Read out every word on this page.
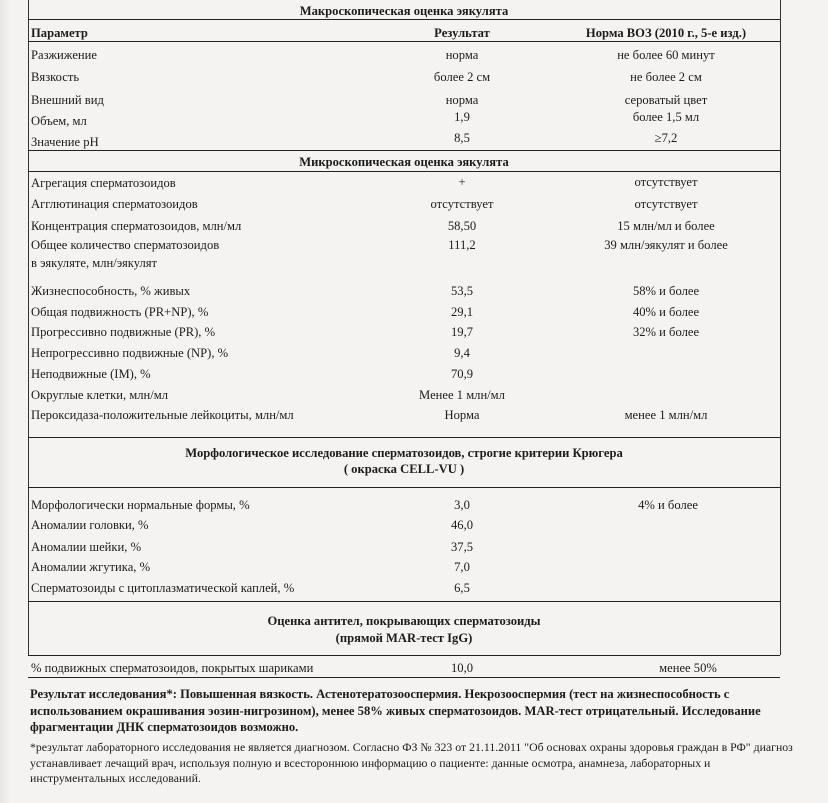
Макроскопическая оценка эякулята
Параметр	Результат	Норма ВОЗ (2010 г., 5-е изд.)
Разжижение	норма	не более 60 минут
Вязкость	более 2 см	не более 2 см
Внешний вид	норма	сероватый цвет
Объем, мл	1,9	более 1,5 мл
Значение pH	8,5	≥7,2
Микроскопическая оценка эякулята
Агрегация сперматозоидов	+	отсутствует
Агглютинация сперматозоидов	отсутствует	отсутствует
Концентрация сперматозоидов, млн/мл	58,50	15 млн/мл и более
Общее количество сперматозоидов
в эякуляте, млн/эякулят
111,2	39 млн/эякулят и более
Жизнеспособность, % живых	53,5	58% и более
Общая подвижность (PR+NP), %	29,1	40% и более
Прогрессивно подвижные (PR), %	19,7	32% и более
Непрогрессивно подвижные (NP), %	9,4
Неподвижные (IM), %	70,9
Округлые клетки, млн/мл	Менее 1 млн/мл
Пероксидаза-положительные лейкоциты, млн/мл	Норма	менее 1 млн/мл
Морфологическое исследование сперматозоидов, строгие критерии Крюгера
( окраска CELL-VU )
Морфологически нормальные формы, %	3,0	4% и более
Аномалии головки, %	46,0
Аномалии шейки, %	37,5
Аномалии жгутика, %	7,0
Сперматозоиды с цитоплазматической каплей, %	6,5
Оценка антител, покрывающих сперматозоиды
(прямой MAR-тест IgG)
% подвижных сперматозоидов, покрытых шариками	10,0	менее 50%
Результат исследования*: Повышенная вязкость. Астенотератозооспермия. Некрозооспермия (тест на жизнеспособность с использованием окрашивания эозин-нигрозином), менее 58% живых сперматозоидов. MAR-тест отрицательный. Исследование фрагментации ДНК сперматозоидов возможно.
*результат лабораторного исследования не является диагнозом. Согласно ФЗ № 323 от 21.11.2011 "Об основах охраны здоровья граждан в РФ" диагноз устанавливает лечащий врач, используя полную и всестороннюю информацию о пациенте: данные осмотра, анамнеза, лабораторных и инструментальных исследований.
